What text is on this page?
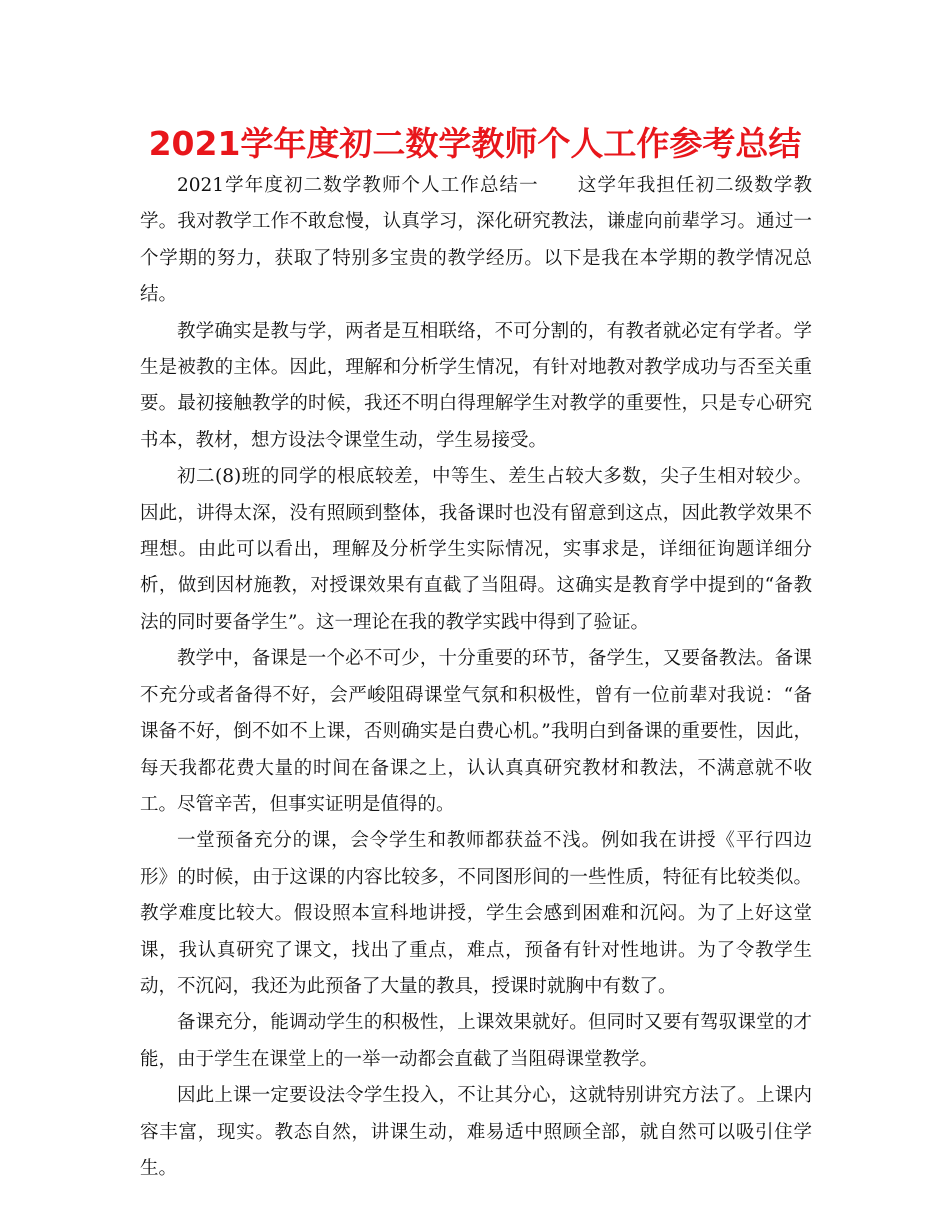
2021学年度初二数学教师个人工作参考总结

2021学年度初二数学教师个人工作总结一　　这学年我担任初二级数学教学。我对教学工作不敢怠慢，认真学习，深化研究教法，谦虚向前辈学习。通过一个学期的努力，获取了特别多宝贵的教学经历。以下是我在本学期的教学情况总结。

教学确实是教与学，两者是互相联络，不可分割的，有教者就必定有学者。学生是被教的主体。因此，理解和分析学生情况，有针对地教对教学成功与否至关重要。最初接触教学的时候，我还不明白得理解学生对教学的重要性，只是专心研究书本，教材，想方设法令课堂生动，学生易接受。

初二(8)班的同学的根底较差，中等生、差生占较大多数，尖子生相对较少。因此，讲得太深，没有照顾到整体，我备课时也没有留意到这点，因此教学效果不理想。由此可以看出，理解及分析学生实际情况，实事求是，详细征询题详细分析，做到因材施教，对授课效果有直截了当阻碍。这确实是教育学中提到的“备教法的同时要备学生”。这一理论在我的教学实践中得到了验证。

教学中，备课是一个必不可少，十分重要的环节，备学生，又要备教法。备课不充分或者备得不好，会严峻阻碍课堂气氛和积极性，曾有一位前辈对我说：“备课备不好，倒不如不上课，否则确实是白费心机。”我明白到备课的重要性，因此，每天我都花费大量的时间在备课之上，认认真真研究教材和教法，不满意就不收工。尽管辛苦，但事实证明是值得的。

一堂预备充分的课，会令学生和教师都获益不浅。例如我在讲授《平行四边形》的时候，由于这课的内容比较多，不同图形间的一些性质，特征有比较类似。教学难度比较大。假设照本宣科地讲授，学生会感到困难和沉闷。为了上好这堂课，我认真研究了课文，找出了重点，难点，预备有针对性地讲。为了令教学生动，不沉闷，我还为此预备了大量的教具，授课时就胸中有数了。

备课充分，能调动学生的积极性，上课效果就好。但同时又要有驾驭课堂的才能，由于学生在课堂上的一举一动都会直截了当阻碍课堂教学。

因此上课一定要设法令学生投入，不让其分心，这就特别讲究方法了。上课内容丰富，现实。教态自然，讲课生动，难易适中照顾全部，就自然可以吸引住学生。
